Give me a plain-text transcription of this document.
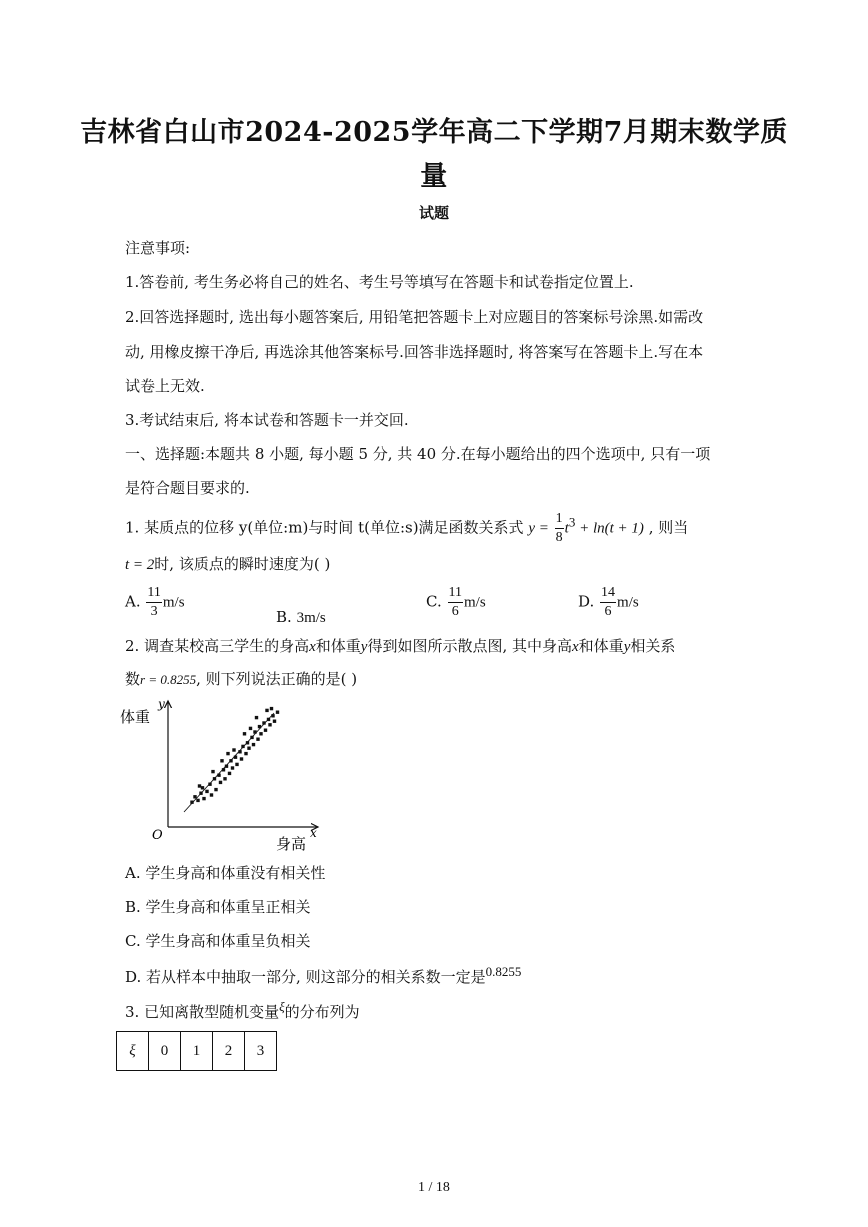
吉林省白山市2024-2025学年高二下学期7月期末数学质
量
试题
注意事项:
1.答卷前, 考生务必将自己的姓名、考生号等填写在答题卡和试卷指定位置上.
2.回答选择题时, 选出每小题答案后, 用铅笔把答题卡上对应题目的答案标号涂黑.如需改
动, 用橡皮擦干净后, 再选涂其他答案标号.回答非选择题时, 将答案写在答题卡上.写在本
试卷上无效.
3.考试结束后, 将本试卷和答题卡一并交回.
一、选择题:本题共 8 小题, 每小题 5 分, 共 40 分.在每小题给出的四个选项中, 只有一项
是符合题目要求的.
1. 某质点的位移 y(单位:m)与时间 t(单位:s)满足函数关系式 $y = \frac{1}{8} t^3 + \ln(t + 1)$ , 则当
t = 2时, 该质点的瞬时速度为( )
A. $\frac{11}{3} m/s$
B. 3m/s
C. $\frac{11}{6} m/s$	D. $\frac{14}{6} m/s$
2. 调查某校高三学生的身高x和体重y得到如图所示散点图, 其中身高x和体重y相关系
数r = 0.8255, 则下列说法正确的是( )
体重
y
身高
x
O
A. 学生身高和体重没有相关性
B. 学生身高和体重呈正相关
C. 学生身高和体重呈负相关
D. 若从样本中抽取一部分, 则这部分的相关系数一定是$^{0.8255}$
3. 已知离散型随机变量$^\xi$的分布列为
ξ	0	1	2	3
1 / 18
